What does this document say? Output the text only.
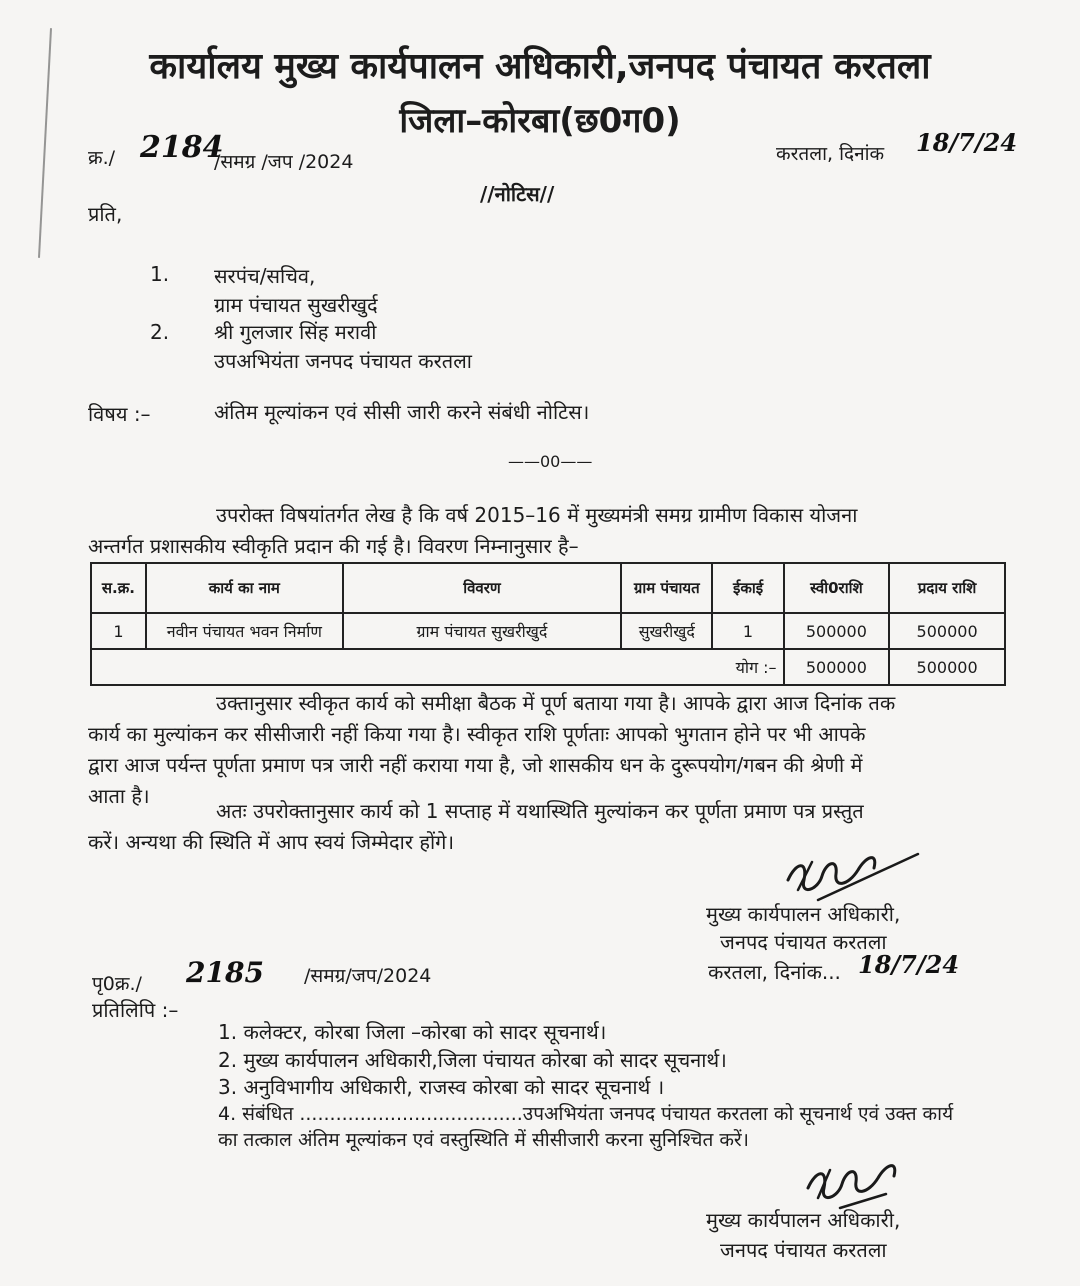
कार्यालय मुख्य कार्यपालन अधिकारी,जनपद पंचायत करतला
जिला–कोरबा(छ0ग0)
क्र./ 2184
/समग्र /जप /2024	करतला, दिनांक 18/7/24
//नोटिस//
प्रति,
1. सरपंच/सचिव,
ग्राम पंचायत सुखरीखुर्द
2. श्री गुलजार सिंह मरावी
उपअभियंता जनपद पंचायत करतला
विषय :–	अंतिम मूल्यांकन एवं सीसी जारी करने संबंधी नोटिस।
——00——
उपरोक्त विषयांतर्गत लेख है कि वर्ष 2015–16 में मुख्यमंत्री समग्र ग्रामीण विकास योजना
अन्तर्गत प्रशासकीय स्वीकृति प्रदान की गई है। विवरण निम्नानुसार है–
स.क्र.	कार्य का नाम	विवरण	ग्राम पंचायत	ईकाई	स्वी0राशि	प्रदाय राशि
1	नवीन पंचायत भवन निर्माण	ग्राम पंचायत सुखरीखुर्द	सुखरीखुर्द	1	500000	500000
योग :–					500000	500000
उक्तानुसार स्वीकृत कार्य को समीक्षा बैठक में पूर्ण बताया गया है। आपके द्वारा आज दिनांक तक
कार्य का मुल्यांकन कर सीसीजारी नहीं किया गया है। स्वीकृत राशि पूर्णताः आपको भुगतान होने पर भी आपके
द्वारा आज पर्यन्त पूर्णता प्रमाण पत्र जारी नहीं कराया गया है, जो शासकीय धन के दुरूपयोग/गबन की श्रेणी में
आता है।
अतः उपरोक्तानुसार कार्य को 1 सप्ताह में यथास्थिति मुल्यांकन कर पूर्णता प्रमाण पत्र प्रस्तुत
करें। अन्यथा की स्थिति में आप स्वयं जिम्मेदार होंगे।
मुख्य कार्यपालन अधिकारी,
जनपद पंचायत करतला
करतला, दिनांक... 18/7/24
पृ0क्र./ 2185 /समग्र/जप/2024
प्रतिलिपि :–
1. कलेक्टर, कोरबा जिला –कोरबा को सादर सूचनार्थ।
2. मुख्य कार्यपालन अधिकारी,जिला पंचायत कोरबा को सादर सूचनार्थ।
3. अनुविभागीय अधिकारी, राजस्व कोरबा को सादर सूचनार्थ ।
4. संबंधित .....................................उपअभियंता जनपद पंचायत करतला को सूचनार्थ एवं उक्त कार्य
का तत्काल अंतिम मूल्यांकन एवं वस्तुस्थिति में सीसीजारी करना सुनिश्चित करें।
मुख्य कार्यपालन अधिकारी,
जनपद पंचायत करतला
